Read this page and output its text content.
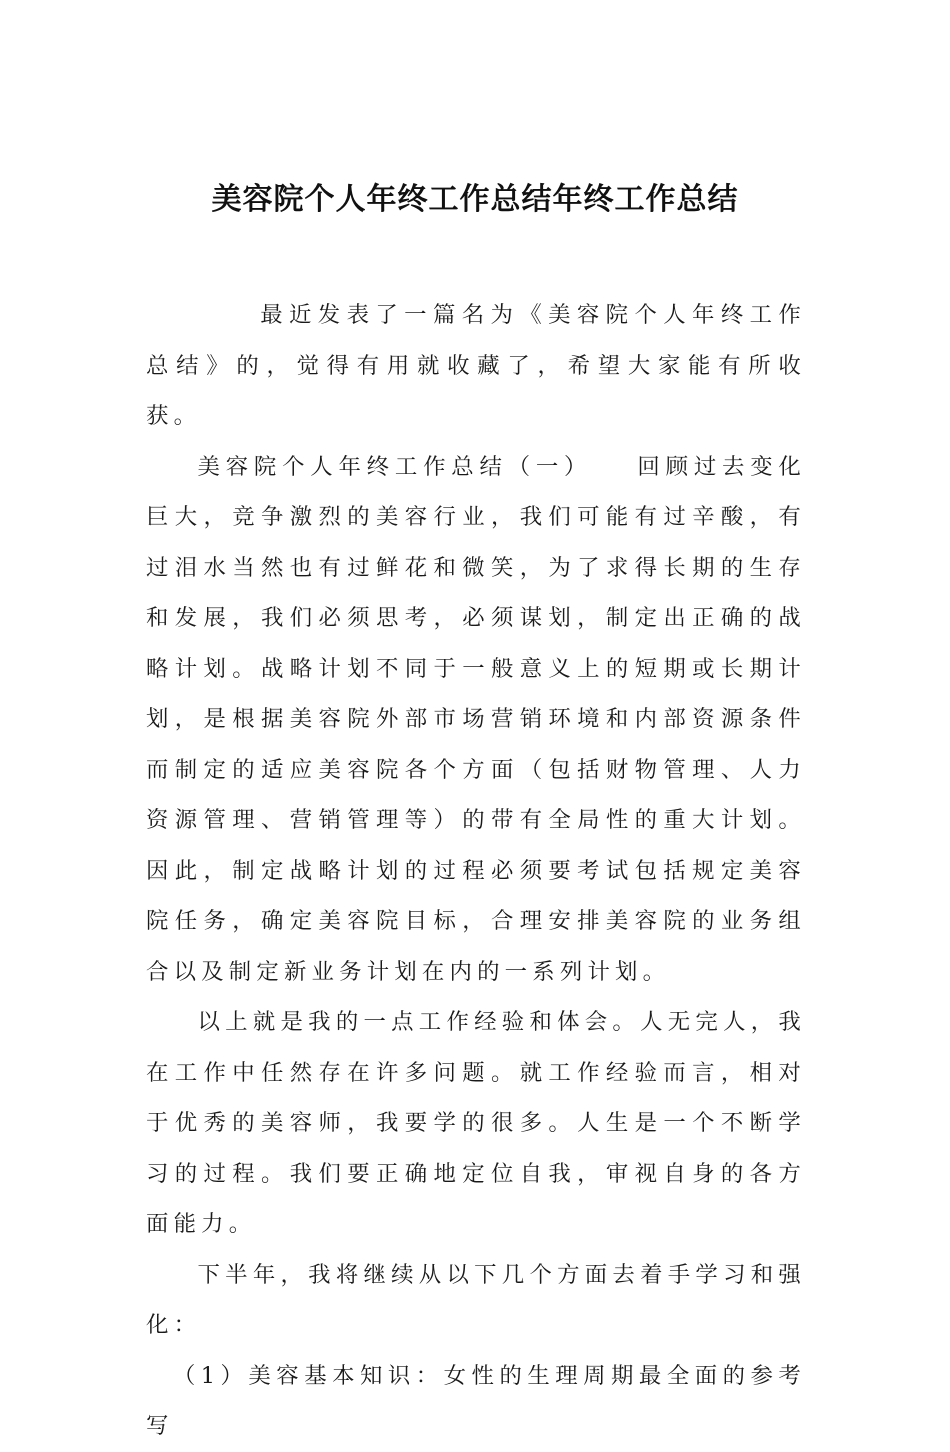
美容院个人年终工作总结年终工作总结

最近发表了一篇名为《美容院个人年终工作总结》的，觉得有用就收藏了，希望大家能有所收获。

美容院个人年终工作总结（一）　　回顾过去变化巨大，竞争激烈的美容行业，我们可能有过辛酸，有过泪水当然也有过鲜花和微笑，为了求得长期的生存和发展，我们必须思考，必须谋划，制定出正确的战略计划。战略计划不同于一般意义上的短期或长期计划，是根据美容院外部市场营销环境和内部资源条件而制定的适应美容院各个方面（包括财物管理、人力资源管理、营销管理等）的带有全局性的重大计划。因此，制定战略计划的过程必须要考试包括规定美容院任务，确定美容院目标，合理安排美容院的业务组合以及制定新业务计划在内的一系列计划。

以上就是我的一点工作经验和体会。人无完人，我在工作中任然存在许多问题。就工作经验而言，相对于优秀的美容师，我要学的很多。人生是一个不断学习的过程。我们要正确地定位自我，审视自身的各方面能力。

下半年，我将继续从以下几个方面去着手学习和强化：

（1）美容基本知识：女性的生理周期最全面的参考写
